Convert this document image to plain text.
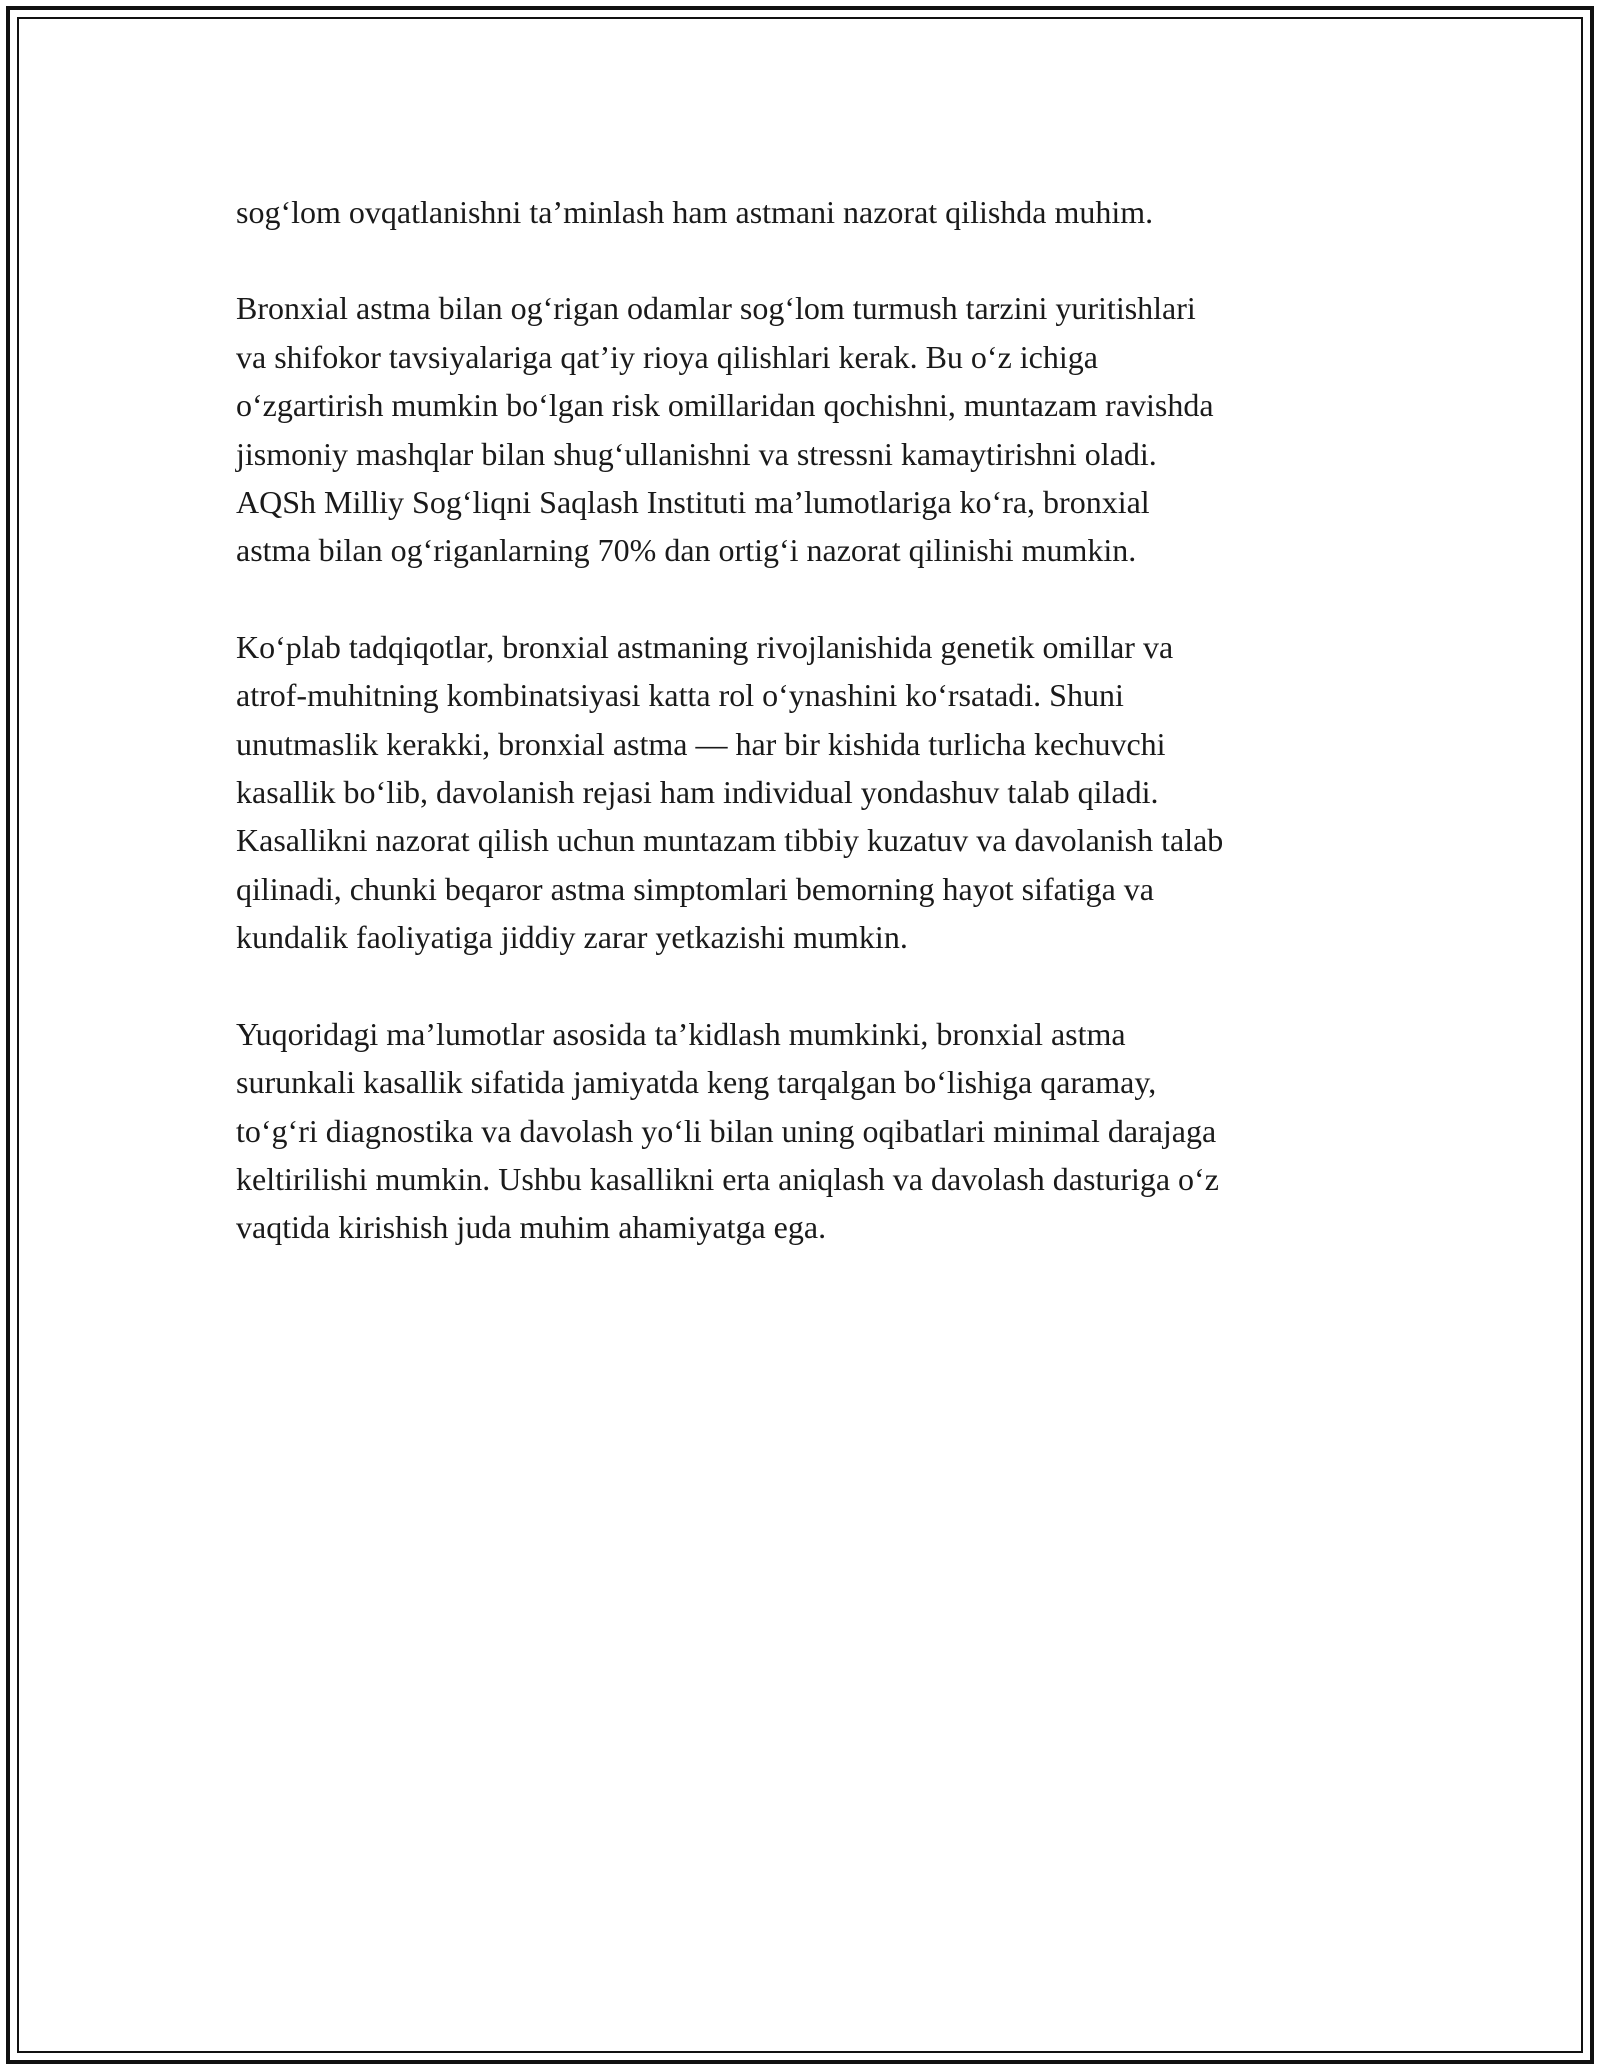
sog‘lom ovqatlanishni ta’minlash ham astmani nazorat qilishda muhim.

Bronxial astma bilan og‘rigan odamlar sog‘lom turmush tarzini yuritishlari
va shifokor tavsiyalariga qat’iy rioya qilishlari kerak. Bu o‘z ichiga
o‘zgartirish mumkin bo‘lgan risk omillaridan qochishni, muntazam ravishda
jismoniy mashqlar bilan shug‘ullanishni va stressni kamaytirishni oladi.
AQSh Milliy Sog‘liqni Saqlash Instituti ma’lumotlariga ko‘ra, bronxial
astma bilan og‘riganlarning 70% dan ortig‘i nazorat qilinishi mumkin.

Ko‘plab tadqiqotlar, bronxial astmaning rivojlanishida genetik omillar va
atrof-muhitning kombinatsiyasi katta rol o‘ynashini ko‘rsatadi. Shuni
unutmaslik kerakki, bronxial astma — har bir kishida turlicha kechuvchi
kasallik bo‘lib, davolanish rejasi ham individual yondashuv talab qiladi.
Kasallikni nazorat qilish uchun muntazam tibbiy kuzatuv va davolanish talab
qilinadi, chunki beqaror astma simptomlari bemorning hayot sifatiga va
kundalik faoliyatiga jiddiy zarar yetkazishi mumkin.

Yuqoridagi ma’lumotlar asosida ta’kidlash mumkinki, bronxial astma
surunkali kasallik sifatida jamiyatda keng tarqalgan bo‘lishiga qaramay,
to‘g‘ri diagnostika va davolash yo‘li bilan uning oqibatlari minimal darajaga
keltirilishi mumkin. Ushbu kasallikni erta aniqlash va davolash dasturiga o‘z
vaqtida kirishish juda muhim ahamiyatga ega.
